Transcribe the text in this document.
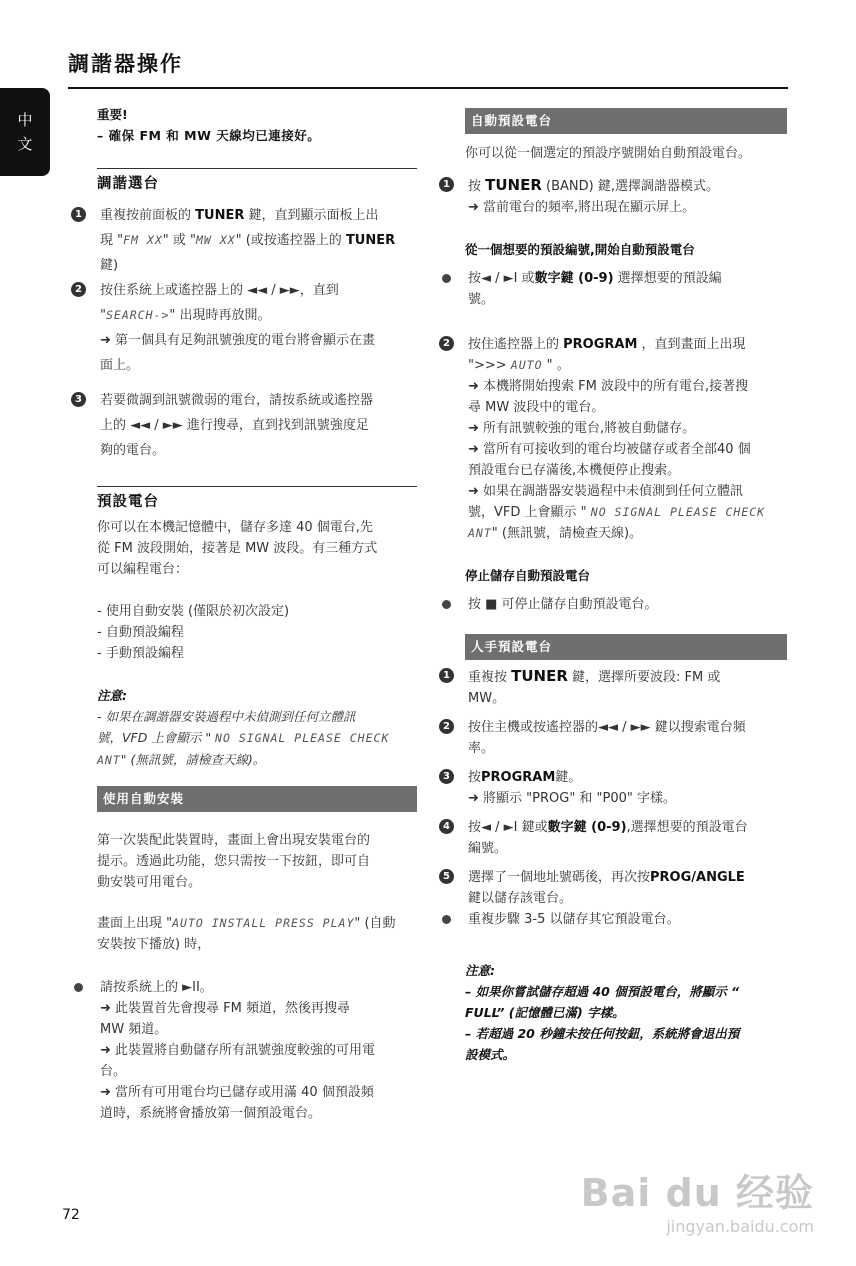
調諧器操作
中
文
重要!
– 確保 FM 和 MW 天線均已連接好。
調諧選台
1	重複按前面板的 TUNER 鍵，直到顯示面板上出
現 "FM XX" 或 "MW XX" (或按遙控器上的 TUNER
鍵)
2	按住系統上或遙控器上的 ◄◄ / ►►，直到
"SEARCH->" 出現時再放開。
➜ 第一個具有足夠訊號強度的電台將會顯示在畫
面上。
3	若要微調到訊號微弱的電台，請按系統或遙控器
上的 ◄◄ / ►► 進行搜尋，直到找到訊號強度足
夠的電台。
預設電台
你可以在本機記憶體中，儲存多達 40 個電台,先
從 FM 波段開始，接著是 MW 波段。有三種方式
可以編程電台：
- 使用自動安裝 (僅限於初次設定)
- 自動預設編程
- 手動預設編程
注意:
- 如果在調諧器安裝過程中未偵測到任何立體訊
號，VFD 上會顯示 " NO SIGNAL PLEASE CHECK
ANT" (無訊號，請檢查天線)。
使用自動安裝
第一次裝配此裝置時，畫面上會出現安裝電台的
提示。透過此功能，您只需按一下按鈕，即可自
動安裝可用電台。
畫面上出現 "AUTO INSTALL PRESS PLAY" (自動
安裝按下播放) 時，
請按系統上的 ►II。
➜ 此裝置首先會搜尋 FM 頻道，然後再搜尋
MW 頻道。
➜ 此裝置將自動儲存所有訊號強度較強的可用電
台。
➜ 當所有可用電台均已儲存或用滿 40 個預設頻
道時，系統將會播放第一個預設電台。
自動預設電台
你可以從一個選定的預設序號開始自動預設電台。
1	按 TUNER (BAND) 鍵,選擇調諧器模式。
➜ 當前電台的頻率,將出現在顯示屏上。
從一個想要的預設編號,開始自動預設電台
按◄ / ►I 或數字鍵 (0-9) 選擇想要的預設編
號。
2	按住遙控器上的 PROGRAM ，直到畫面上出現
">>> AUTO " 。
➜ 本機將開始搜索 FM 波段中的所有電台,接著搜
尋 MW 波段中的電台。
➜ 所有訊號較強的電台,將被自動儲存。
➜ 當所有可接收到的電台均被儲存或者全部40 個
預設電台已存滿後,本機便停止搜索。
➜ 如果在調諧器安裝過程中未偵測到任何立體訊
號，VFD 上會顯示 " NO SIGNAL PLEASE CHECK
ANT" (無訊號，請檢查天線)。
停止儲存自動預設電台
按 ■ 可停止儲存自動預設電台。
人手預設電台
1	重複按 TUNER 鍵，選擇所要波段: FM 或
MW。
2	按住主機或按遙控器的◄◄ / ►► 鍵以搜索電台頻
率。
3	按PROGRAM鍵。
➜ 將顯示 "PROG" 和 "P00" 字樣。
4	按◄ / ►I 鍵或數字鍵 (0-9),選擇想要的預設電台
編號。
5	選擇了一個地址號碼後，再次按PROG/ANGLE
鍵以儲存該電台。
重複步驟 3-5 以儲存其它預設電台。
注意:
– 如果你嘗試儲存超過 40 個預設電台，將顯示 “
FULL” (記憶體已滿) 字樣。
– 若超過 20 秒鐘未按任何按鈕，系統將會退出預
設模式。
72	Bai du 经验
jingyan.baidu.com
